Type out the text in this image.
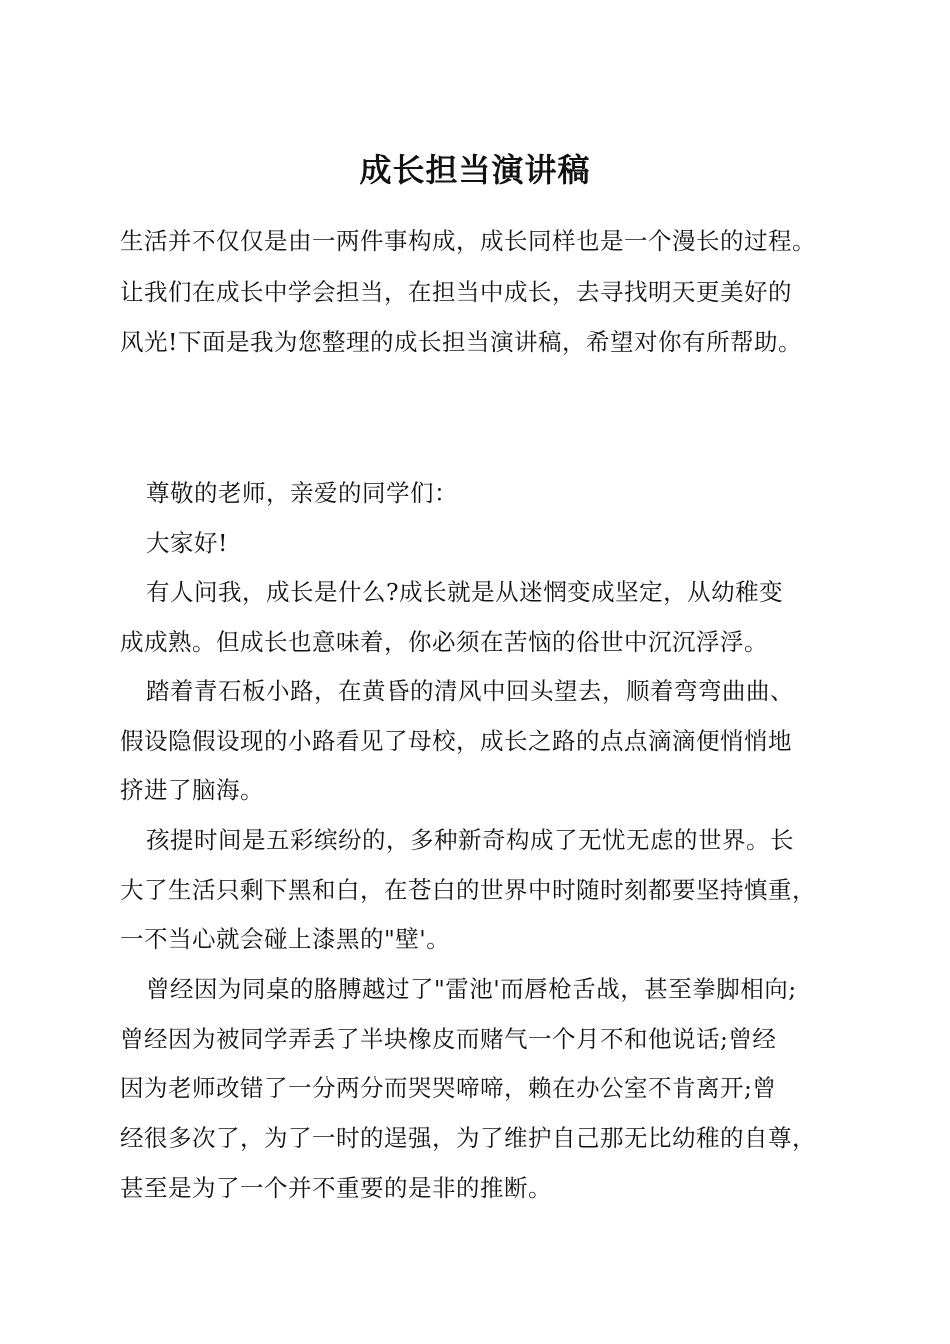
成长担当演讲稿
生活并不仅仅是由一两件事构成，成长同样也是一个漫长的过程。
让我们在成长中学会担当，在担当中成长，去寻找明天更美好的
风光!下面是我为您整理的成长担当演讲稿，希望对你有所帮助。
尊敬的老师，亲爱的同学们：
大家好!
有人问我，成长是什么?成长就是从迷惘变成坚定，从幼稚变
成成熟。但成长也意味着，你必须在苦恼的俗世中沉沉浮浮。
踏着青石板小路，在黄昏的清风中回头望去，顺着弯弯曲曲、
假设隐假设现的小路看见了母校，成长之路的点点滴滴便悄悄地
挤进了脑海。
孩提时间是五彩缤纷的，多种新奇构成了无忧无虑的世界。长
大了生活只剩下黑和白，在苍白的世界中时随时刻都要坚持慎重，
一不当心就会碰上漆黑的"壁'。
曾经因为同桌的胳膊越过了"雷池'而唇枪舌战，甚至拳脚相向;
曾经因为被同学弄丢了半块橡皮而赌气一个月不和他说话;曾经
因为老师改错了一分两分而哭哭啼啼，赖在办公室不肯离开;曾
经很多次了，为了一时的逞强，为了维护自己那无比幼稚的自尊，
甚至是为了一个并不重要的是非的推断。
